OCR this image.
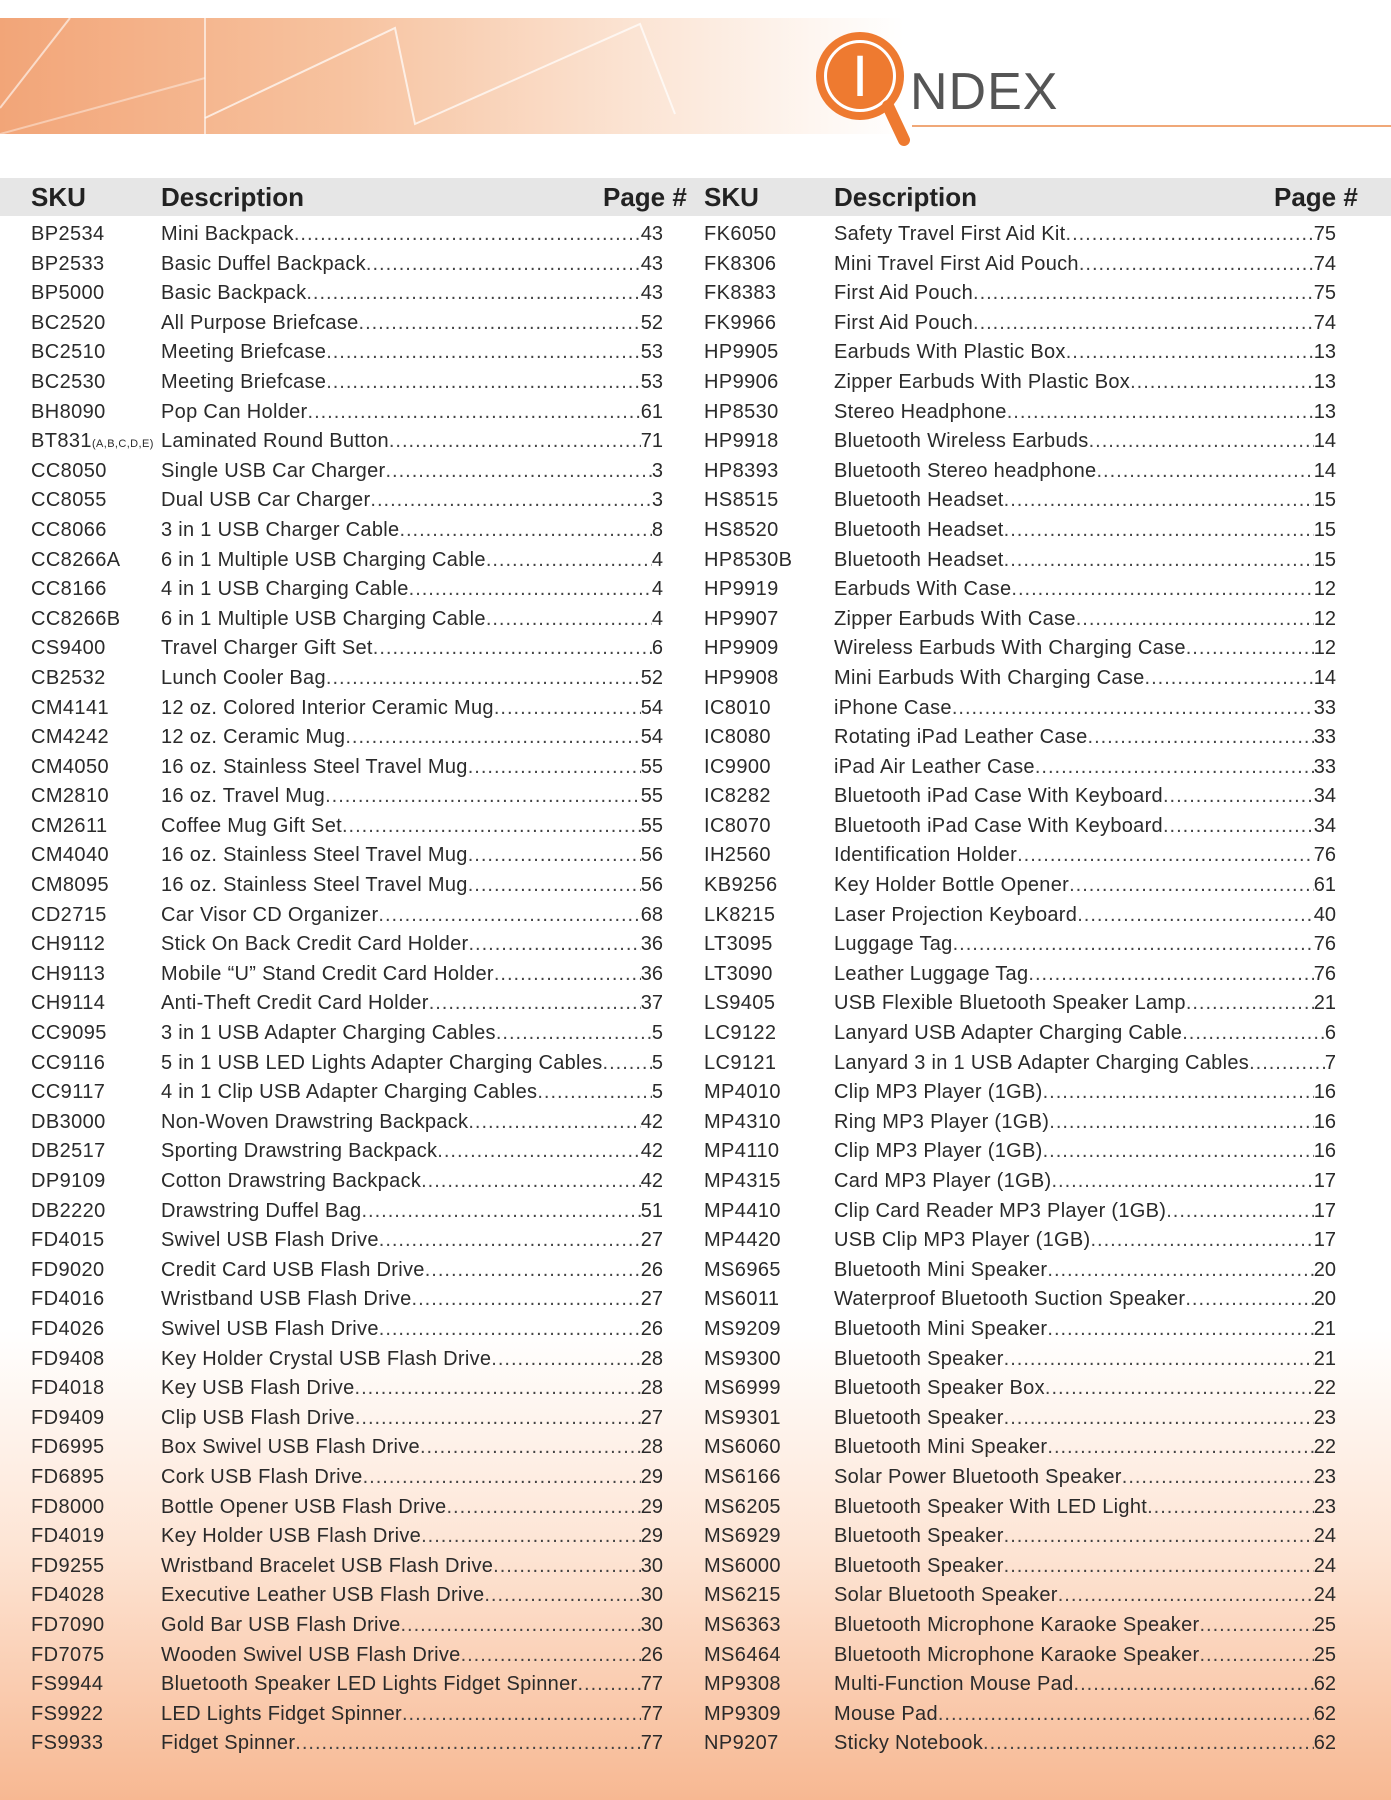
I NDEX
SKU	Description	Page # SKU	Description	Page #
BP2534	Mini Backpack .....	43
BP2533	Basic Duffel Backpack .....	43
BP5000	Basic Backpack .....	43
BC2520	All Purpose Briefcase .....	52
BC2510	Meeting Briefcase .....	53
BC2530	Meeting Briefcase .....	53
BH8090	Pop Can Holder .....	61
BT831(A,B,C,D,E) Laminated Round Button .....	71
CC8050	Single USB Car Charger .....	3
CC8055	Dual USB Car Charger .....	3
CC8066	3 in 1 USB Charger Cable .....	8
CC8266A 6 in 1 Multiple USB Charging Cable .....	4
CC8166	4 in 1 USB Charging Cable .....	4
CC8266B 6 in 1 Multiple USB Charging Cable .....	4
CS9400	Travel Charger Gift Set .....	6
CB2532	Lunch Cooler Bag .....	52
CM4141	12 oz. Colored Interior Ceramic Mug .....	54
CM4242	12 oz. Ceramic Mug .....	54
CM4050	16 oz. Stainless Steel Travel Mug .....	55
CM2810	16 oz. Travel Mug .....	55
CM2611	Coffee Mug Gift Set .....	55
CM4040	16 oz. Stainless Steel Travel Mug .....	56
CM8095	16 oz. Stainless Steel Travel Mug .....	56
CD2715	Car Visor CD Organizer .....	68
CH9112	Stick On Back Credit Card Holder .....	36
CH9113	Mobile “U” Stand Credit Card Holder .....	36
CH9114	Anti-Theft Credit Card Holder .....	37
CC9095	3 in 1 USB Adapter Charging Cables .....	5
CC9116	5 in 1 USB LED Lights Adapter Charging Cables ..... 5
CC9117	4 in 1 Clip USB Adapter Charging Cables .....	5
DB3000	Non-Woven Drawstring Backpack .....	42
DB2517	Sporting Drawstring Backpack .....	42
DP9109	Cotton Drawstring Backpack .....	42
DB2220	Drawstring Duffel Bag .....	51
FD4015	Swivel USB Flash Drive .....	27
FD9020	Credit Card USB Flash Drive .....	26
FD4016	Wristband USB Flash Drive .....	27
FD4026	Swivel USB Flash Drive .....	26
FD9408	Key Holder Crystal USB Flash Drive .....	28
FD4018	Key USB Flash Drive .....	28
FD9409	Clip USB Flash Drive .....	27
FD6995	Box Swivel USB Flash Drive .....	28
FD6895	Cork USB Flash Drive .....	29
FD8000	Bottle Opener USB Flash Drive .....	29
FD4019	Key Holder USB Flash Drive .....	29
FD9255	Wristband Bracelet USB Flash Drive .....	30
FD4028	Executive Leather USB Flash Drive .....	30
FD7090	Gold Bar USB Flash Drive .....	30
FD7075	Wooden Swivel USB Flash Drive .....	26
FS9944	Bluetooth Speaker LED Lights Fidget Spinner .....	77
FS9922	LED Lights Fidget Spinner .....	77
FS9933	Fidget Spinner .....	77
FK6050	Safety Travel First Aid Kit .....	75
FK8306	Mini Travel First Aid Pouch .....	74
FK8383	First Aid Pouch .....	75
FK9966	First Aid Pouch .....	74
HP9905	Earbuds With Plastic Box .....	13
HP9906	Zipper Earbuds With Plastic Box .....	13
HP8530	Stereo Headphone .....	13
HP9918	Bluetooth Wireless Earbuds .....	14
HP8393	Bluetooth Stereo headphone .....	14
HS8515	Bluetooth Headset .....	15
HS8520	Bluetooth Headset .....	15
HP8530B Bluetooth Headset .....	15
HP9919	Earbuds With Case .....	12
HP9907	Zipper Earbuds With Case .....	12
HP9909	Wireless Earbuds With Charging Case .....	12
HP9908	Mini Earbuds With Charging Case .....	14
IC8010	iPhone Case .....	33
IC8080	Rotating iPad Leather Case .....	33
IC9900	iPad Air Leather Case .....	33
IC8282	Bluetooth iPad Case With Keyboard .....	34
IC8070	Bluetooth iPad Case With Keyboard .....	34
IH2560	Identification Holder .....	76
KB9256	Key Holder Bottle Opener .....	61
LK8215	Laser Projection Keyboard .....	40
LT3095	Luggage Tag .....	76
LT3090	Leather Luggage Tag .....	76
LS9405	USB Flexible Bluetooth Speaker Lamp .....	21
LC9122	Lanyard USB Adapter Charging Cable .....	6
LC9121	Lanyard 3 in 1 USB Adapter Charging Cables .....	7
MP4010	Clip MP3 Player (1GB) .....	16
MP4310	Ring MP3 Player (1GB) .....	16
MP4110	Clip MP3 Player (1GB) .....	16
MP4315	Card MP3 Player (1GB) .....	17
MP4410	Clip Card Reader MP3 Player (1GB) .....	17
MP4420	USB Clip MP3 Player (1GB) .....	17
MS6965	Bluetooth Mini Speaker .....	20
MS6011	Waterproof Bluetooth Suction Speaker .....	20
MS9209	Bluetooth Mini Speaker .....	21
MS9300	Bluetooth Speaker .....	21
MS6999	Bluetooth Speaker Box .....	22
MS9301	Bluetooth Speaker .....	23
MS6060	Bluetooth Mini Speaker .....	22
MS6166	Solar Power Bluetooth Speaker .....	23
MS6205	Bluetooth Speaker With LED Light .....	23
MS6929	Bluetooth Speaker .....	24
MS6000	Bluetooth Speaker .....	24
MS6215	Solar Bluetooth Speaker .....	24
MS6363	Bluetooth Microphone Karaoke Speaker .....	25
MS6464	Bluetooth Microphone Karaoke Speaker .....	25
MP9308	Multi-Function Mouse Pad .....	62
MP9309	Mouse Pad .....	62
NP9207	Sticky Notebook .....	62
